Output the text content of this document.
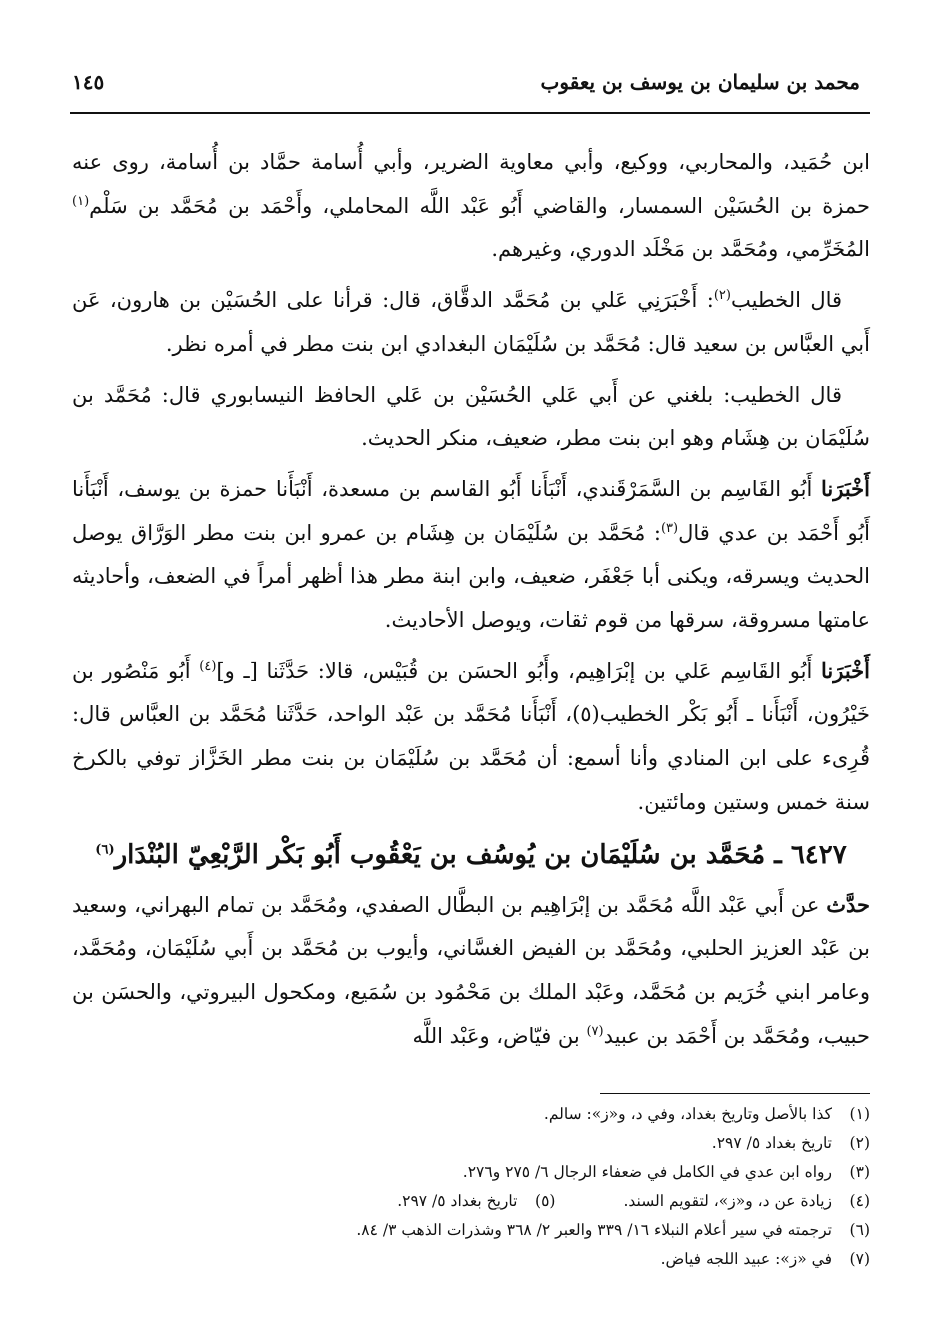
محمد بن سليمان بن يوسف بن يعقوب
١٤٥

ابن حُمَيد، والمحاربي، ووكيع، وأبي معاوية الضرير، وأبي أُسامة حمَّاد بن أُسامة، روى عنه حمزة بن الحُسَيْن السمسار، والقاضي أَبُو عَبْد اللَّه المحاملي، وأَحْمَد بن مُحَمَّد بن سَلْم$^{(١)}$ المُخَرِّمي، ومُحَمَّد بن مَخْلَد الدوري، وغيرهم.

قال الخطيب$^{(٢)}$: أَخْبَرَنِي عَلي بن مُحَمَّد الدقَّاق، قال: قرأنا على الحُسَيْن بن هارون، عَن أَبي العبَّاس بن سعيد قال: مُحَمَّد بن سُلَيْمَان البغدادي ابن بنت مطر في أمره نظر.

قال الخطيب: بلغني عن أَبي عَلي الحُسَيْن بن عَلي الحافظ النيسابوري قال: مُحَمَّد بن سُلَيْمَان بن هِشَام وهو ابن بنت مطر، ضعيف، منكر الحديث.

أَخْبَرَنا أَبُو القَاسِم بن السَّمَرْقَندي، أَنْبَأَنا أَبُو القاسم بن مسعدة، أَنْبَأَنا حمزة بن يوسف، أَنْبَأَنا أَبُو أَحْمَد بن عدي قال$^{(٣)}$: مُحَمَّد بن سُلَيْمَان بن هِشَام بن عمرو ابن بنت مطر الوَرَّاق يوصل الحديث ويسرقه، ويكنى أبا جَعْفَر، ضعيف، وابن ابنة مطر هذا أظهر أمراً في الضعف، وأحاديثه عامتها مسروقة، سرقها من قوم ثقات، ويوصل الأحاديث.

أَخْبَرَنا أَبُو القَاسِم عَلي بن إبْرَاهِيم، وأَبُو الحسَن بن قُبَيْس، قالا: حَدَّثَنا [ـ و]$^{(٤)}$ أَبُو مَنْصُور بن خَيْرُون، أَنْبَأَنا ـ أَبُو بَكْر الخطيب(٥)، أَنْبَأَنا مُحَمَّد بن عَبْد الواحد، حَدَّثَنا مُحَمَّد بن العبَّاس قال: قُرِىء على ابن المنادي وأنا أسمع: أن مُحَمَّد بن سُلَيْمَان بن بنت مطر الخَزَّاز توفي بالكرخ سنة خمس وستين ومائتين.

٦٤٢٧ ـ مُحَمَّد بن سُلَيْمَان بن يُوسُف بن يَعْقُوب أَبُو بَكْر الرَّبْعِيّ البُنْدَار$^{(٦)}$

حدَّث عن أَبي عَبْد اللَّه مُحَمَّد بن إبْرَاهِيم بن البطَّال الصفدي، ومُحَمَّد بن تمام البهراني، وسعيد بن عَبْد العزيز الحلبي، ومُحَمَّد بن الفيض الغسَّاني، وأيوب بن مُحَمَّد بن أَبي سُلَيْمَان، ومُحَمَّد، وعامر ابني خُرَيم بن مُحَمَّد، وعَبْد الملك بن مَحْمُود بن سُمَيع، ومكحول البيروتي، والحسَن بن حبيب، ومُحَمَّد بن أَحْمَد بن عبيد$^{(٧)}$ بن فيّاض، وعَبْد اللَّه

(١)
كذا بالأصل وتاريخ بغداد، وفي د، و«ز»: سالم.
(٢)
تاريخ بغداد ٥/ ٢٩٧.
(٣)
رواه ابن عدي في الكامل في ضعفاء الرجال ٦/ ٢٧٥ و٢٧٦.
(٤)
زيادة عن د، و«ز»، لتقويم السند.
(٥)
تاريخ بغداد ٥/ ٢٩٧.
(٦)
ترجمته في سير أعلام النبلاء ١٦/ ٣٣٩ والعبر ٢/ ٣٦٨ وشذرات الذهب ٣/ ٨٤.
(٧)
في «ز»: عبيد اللجه فياض.
